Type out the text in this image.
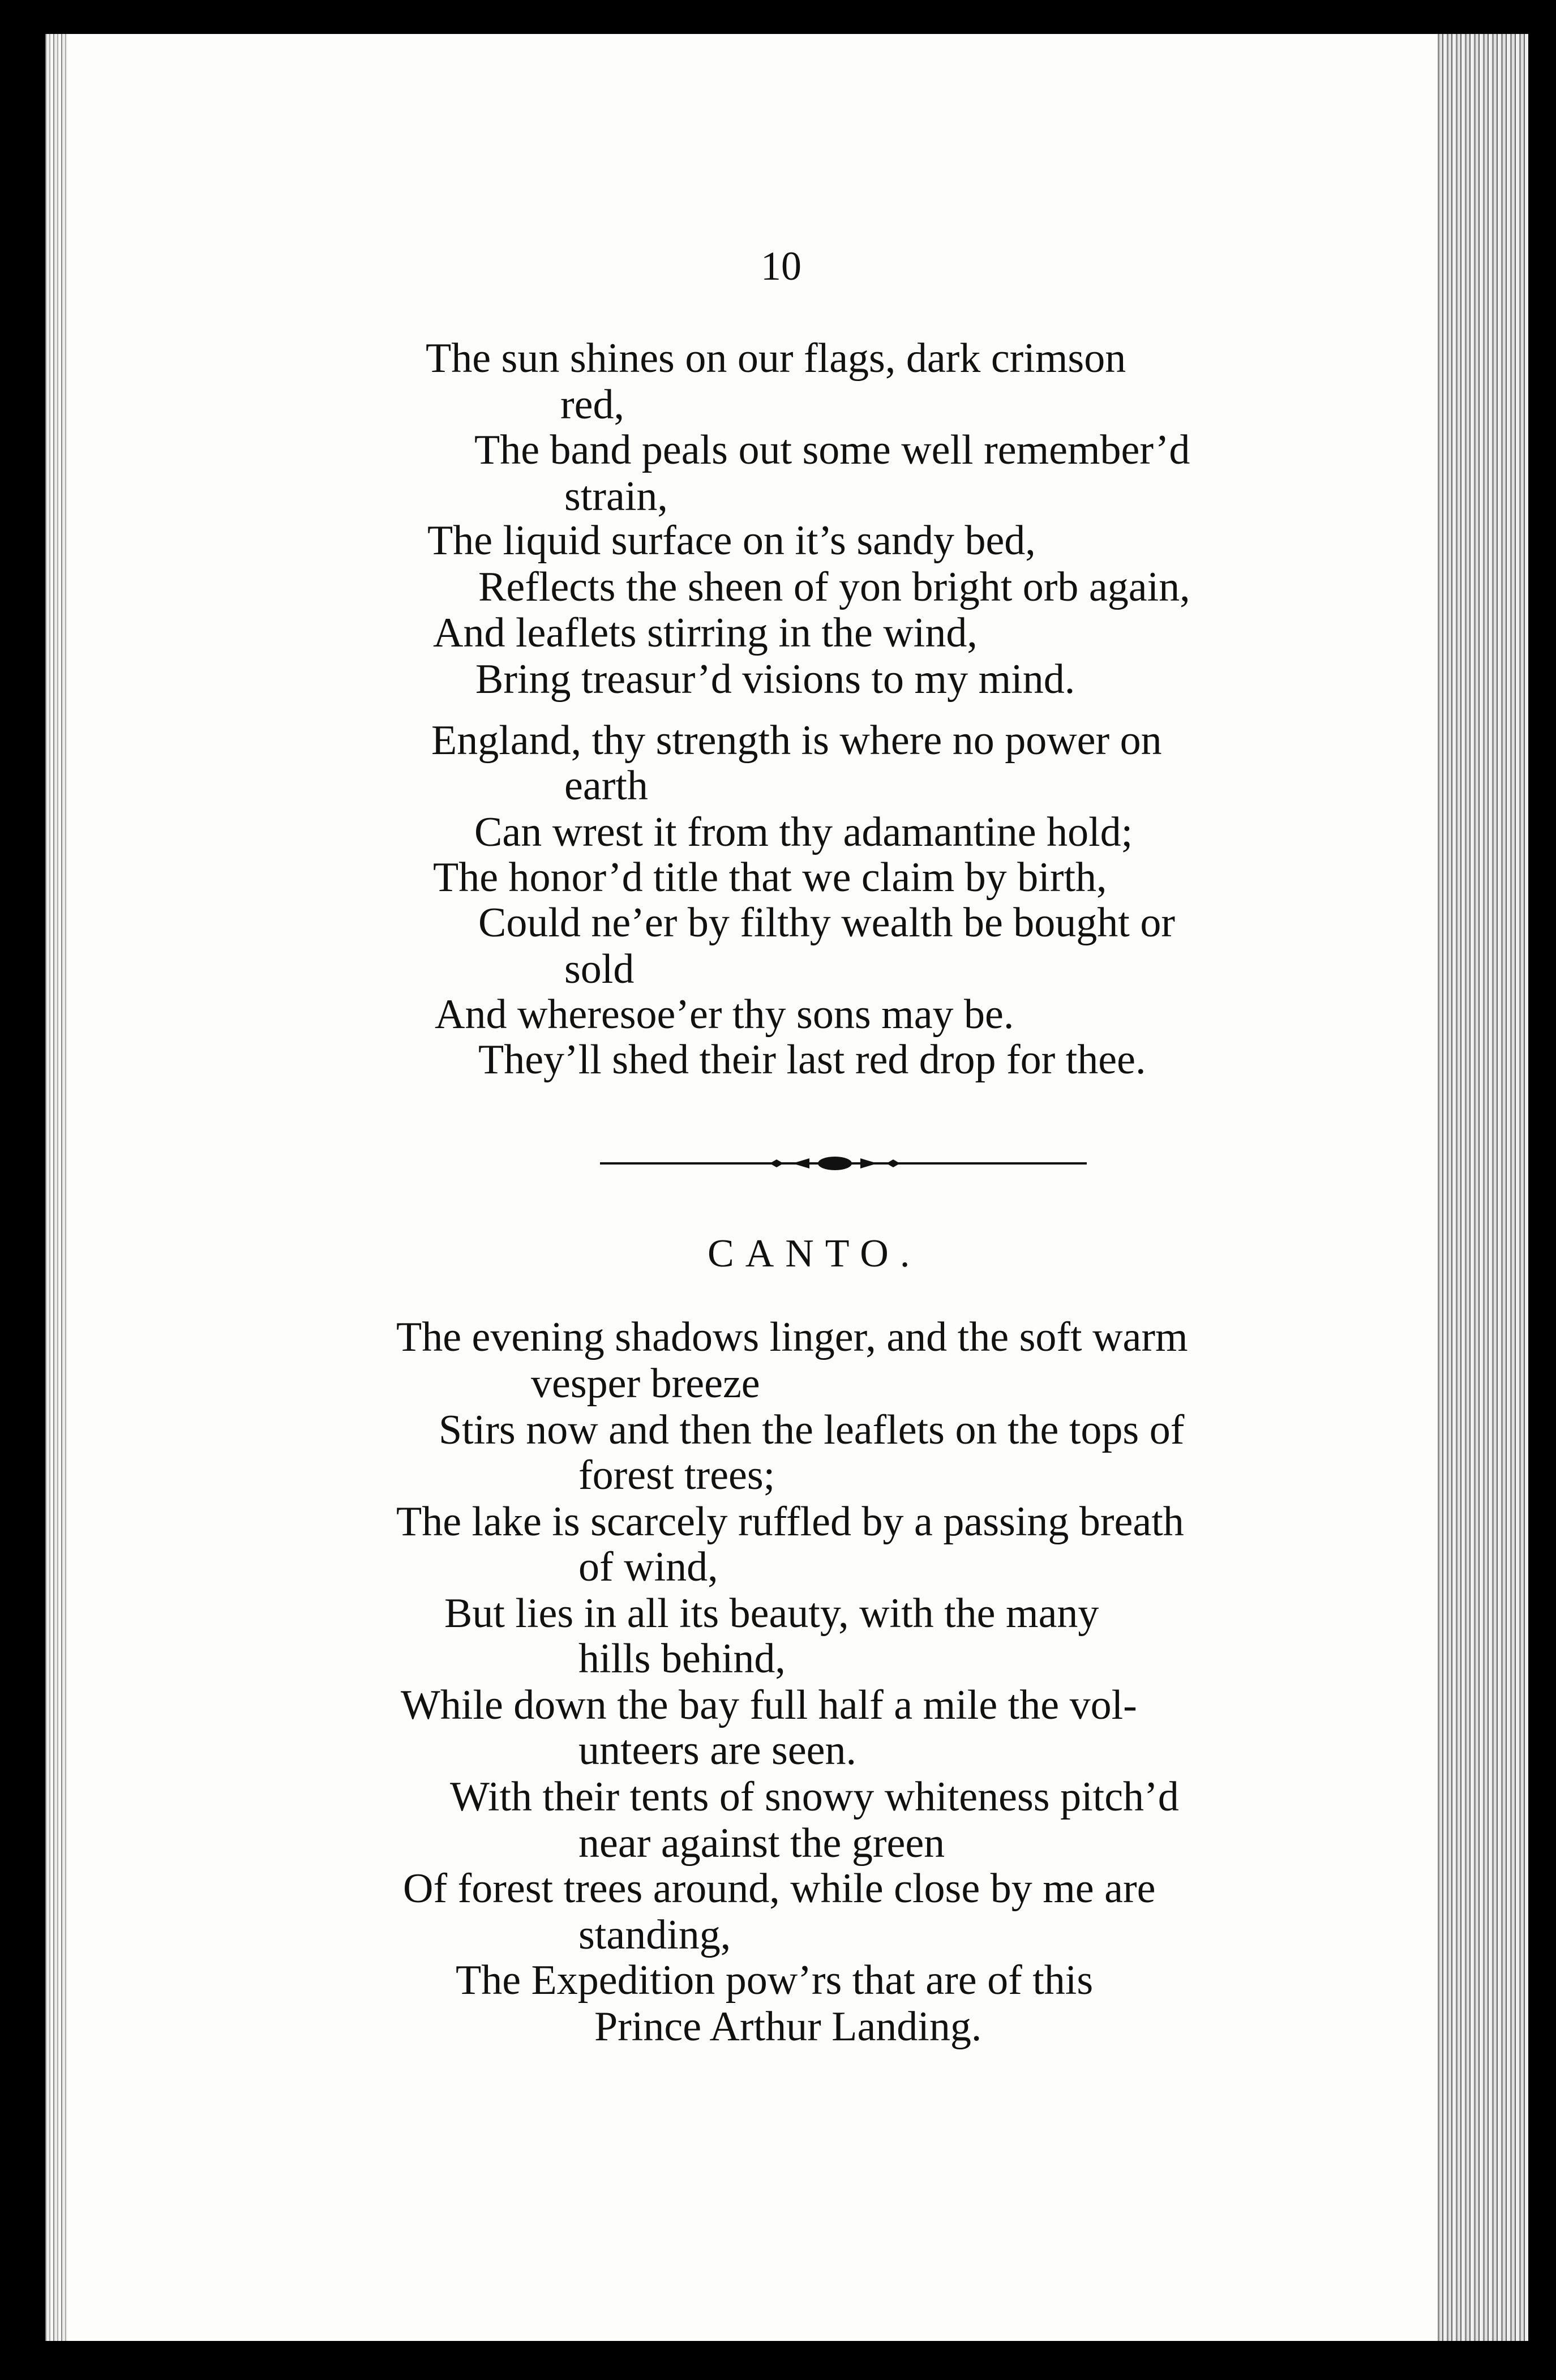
10
The sun shines on our flags, dark crimson
red,
The band peals out some well remember’d
strain,
The liquid surface on it’s sandy bed,
Reflects the sheen of yon bright orb again,
And leaflets stirring in the wind,
Bring treasur’d visions to my mind.
England, thy strength is where no power on
earth
Can wrest it from thy adamantine hold;
The honor’d title that we claim by birth,
Could ne’er by filthy wealth be bought or
sold
And wheresoe’er thy sons may be.
They’ll shed their last red drop for thee.
CANTO.
The evening shadows linger, and the soft warm
vesper breeze
Stirs now and then the leaflets on the tops of
forest trees;
The lake is scarcely ruffled by a passing breath
of wind,
But lies in all its beauty, with the many
hills behind,
While down the bay full half a mile the vol-
unteers are seen.
With their tents of snowy whiteness pitch’d
near against the green
Of forest trees around, while close by me are
standing,
The Expedition pow’rs that are of this
Prince Arthur Landing.
